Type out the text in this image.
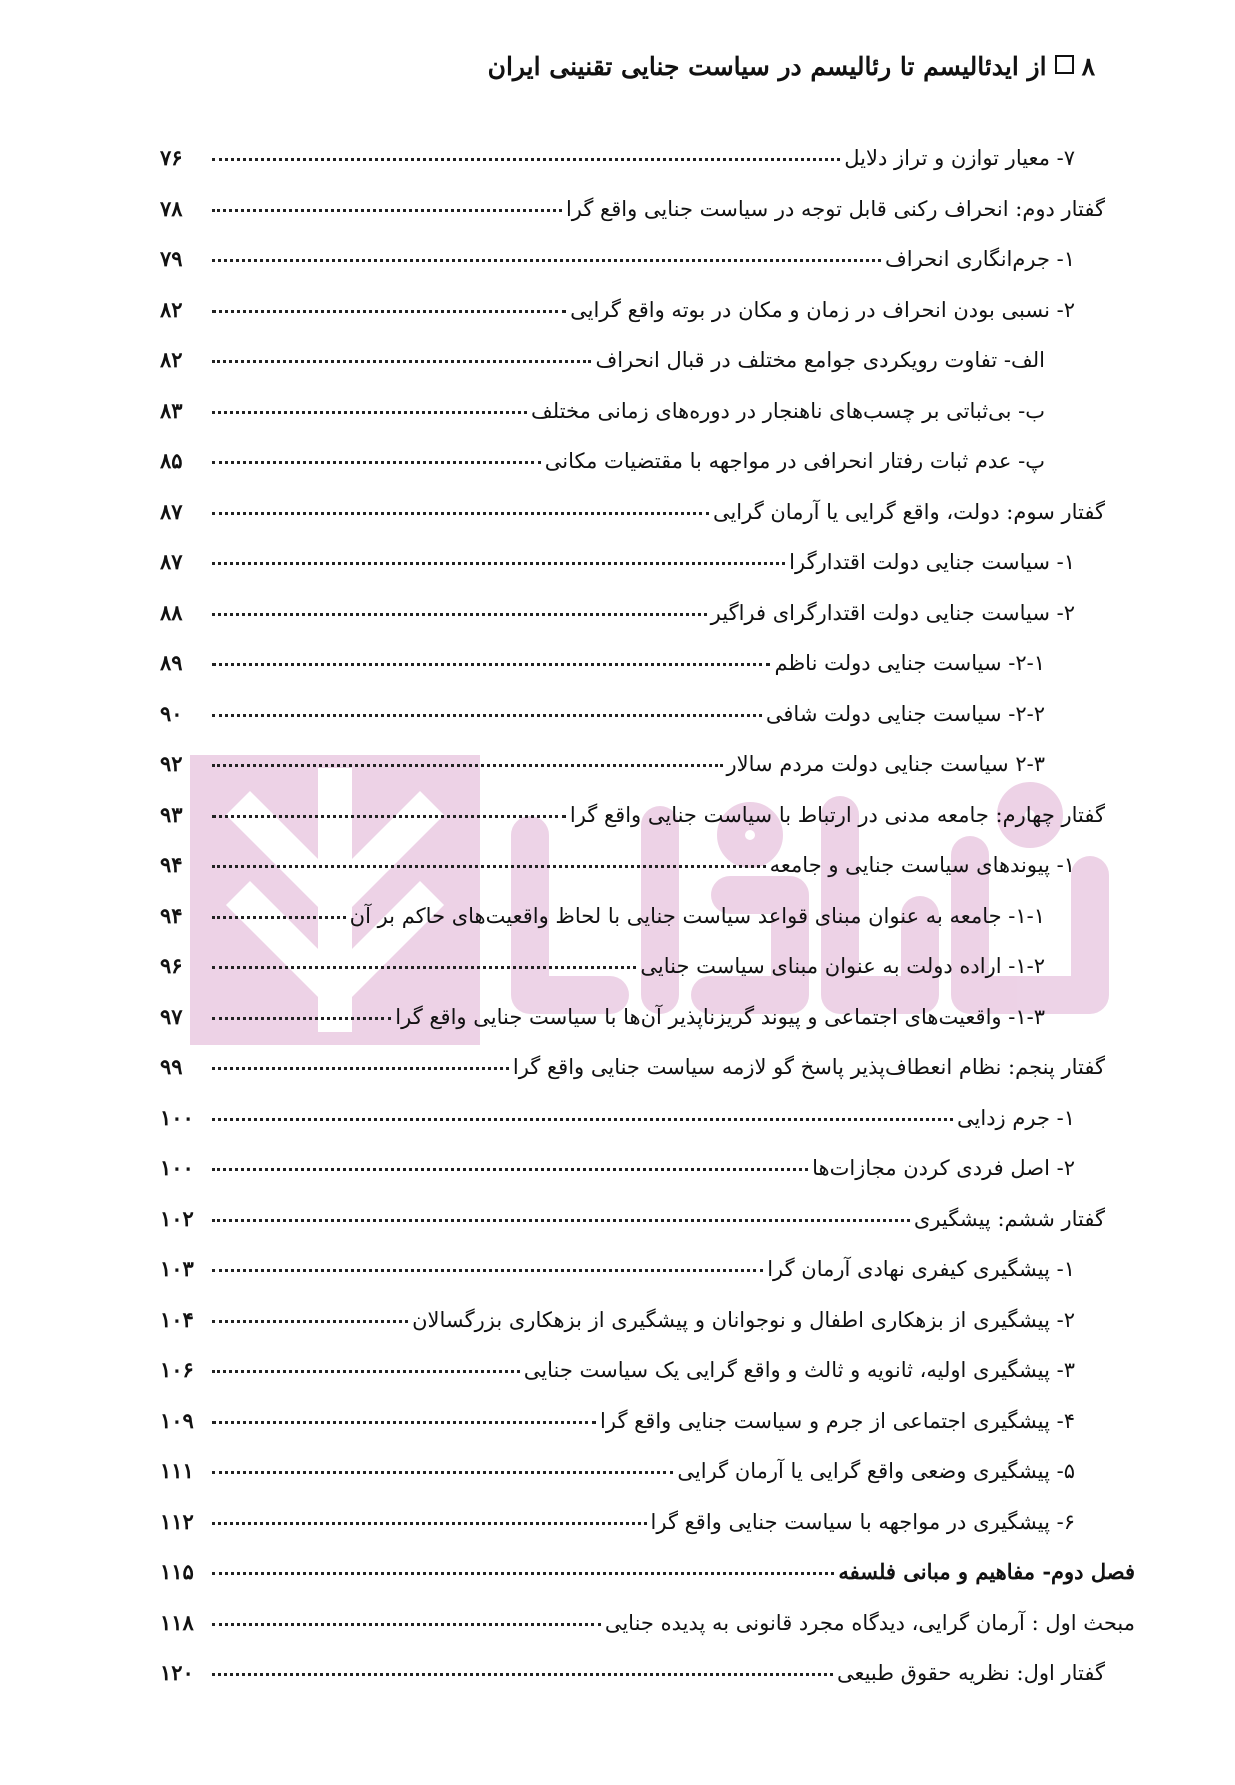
۸از ایدئالیسم تا رئالیسم در سیاست جنایی تقنینی ایران
۷- معیار توازن و تراز دلایل
۷۶
گفتار دوم: انحراف رکنی قابل توجه در سیاست جنایی واقع گرا
۷۸
۱- جرم‌انگاری انحراف
۷۹
۲- نسبی بودن انحراف در زمان و مکان در بوته واقع گرایی
۸۲
الف- تفاوت رویکردی جوامع مختلف در قبال انحراف
۸۲
ب- بی‌ثباتی بر چسب‌های ناهنجار در دوره‌های زمانی مختلف
۸۳
پ- عدم ثبات رفتار انحرافی در مواجهه با مقتضیات مکانی
۸۵
گفتار سوم: دولت، واقع گرایی یا آرمان گرایی
۸۷
۱- سیاست جنایی دولت اقتدارگرا
۸۷
۲- سیاست جنایی دولت اقتدارگرای فراگیر
۸۸
۲-۱- سیاست جنایی دولت ناظم
۸۹
۲-۲- سیاست جنایی دولت شافی
۹۰
۲-۳ سیاست جنایی دولت مردم سالار
۹۲
گفتار چهارم: جامعه مدنی در ارتباط با سیاست جنایی واقع گرا
۹۳
۱- پیوندهای سیاست جنایی و جامعه
۹۴
۱-۱- جامعه به عنوان مبنای قواعد سیاست جنایی با لحاظ واقعیت‌های حاکم بر آن
۹۴
۱-۲- اراده دولت به عنوان مبنای سیاست جنایی
۹۶
۱-۳- واقعیت‌های اجتماعی و پیوند گریزناپذیر آن‌ها با سیاست جنایی واقع گرا
۹۷
گفتار پنجم: نظام انعطاف‌پذیر پاسخ گو لازمه سیاست جنایی واقع گرا
۹۹
۱- جرم زدایی
۱۰۰
۲- اصل فردی کردن مجازات‌ها
۱۰۰
گفتار ششم: پیشگیری
۱۰۲
۱- پیشگیری کیفری نهادی آرمان گرا
۱۰۳
۲- پیشگیری از بزهکاری اطفال و نوجوانان و پیشگیری از بزهکاری بزرگسالان
۱۰۴
۳- پیشگیری اولیه، ثانویه و ثالث و واقع گرایی یک سیاست جنایی
۱۰۶
۴- پیشگیری اجتماعی از جرم و سیاست جنایی واقع گرا
۱۰۹
۵- پیشگیری وضعی واقع گرایی یا آرمان گرایی
۱۱۱
۶- پیشگیری در مواجهه با سیاست جنایی واقع گرا
۱۱۲
فصل دوم- مفاهیم و مبانی فلسفه
۱۱۵
مبحث اول : آرمان گرایی، دیدگاه مجرد قانونی به پدیده جنایی
۱۱۸
گفتار اول: نظریه حقوق طبیعی
۱۲۰
